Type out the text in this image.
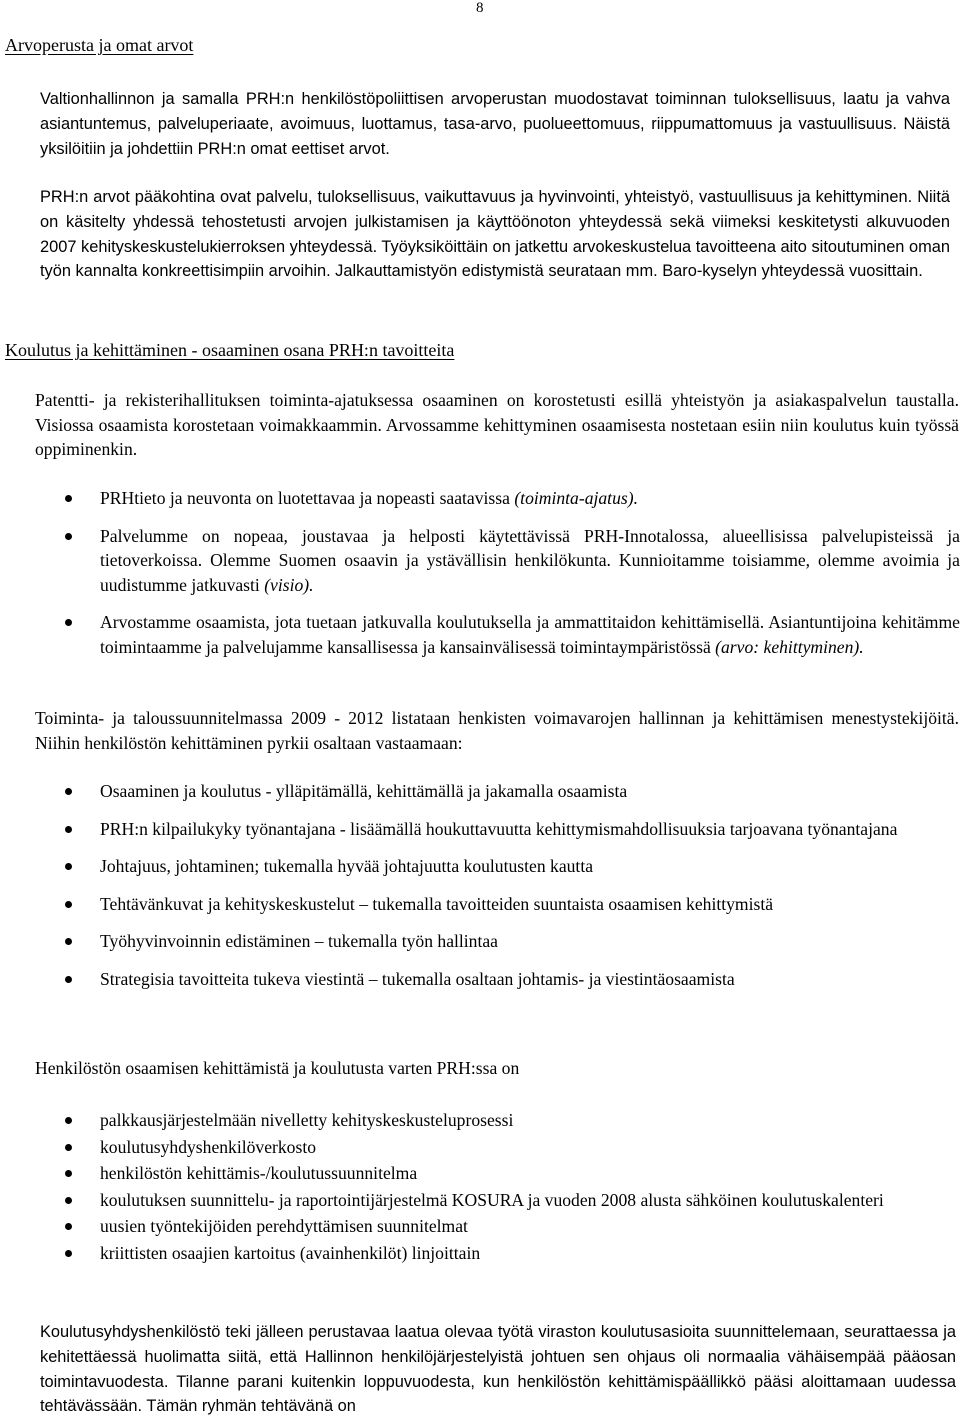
8
Arvoperusta ja omat arvot
Valtionhallinnon ja samalla PRH:n henkilöstöpoliittisen arvoperustan muodostavat toiminnan tuloksellisuus, laatu ja vahva asiantuntemus, palveluperiaate, avoimuus, luottamus, tasa-arvo, puolueettomuus, riippumattomuus ja vastuullisuus. Näistä yksilöitiin ja johdettiin PRH:n omat eettiset arvot.
PRH:n arvot pääkohtina ovat palvelu, tuloksellisuus, vaikuttavuus ja hyvinvointi, yhteistyö, vastuullisuus ja kehittyminen. Niitä on käsitelty yhdessä tehostetusti arvojen julkistamisen ja käyttöönoton yhteydessä sekä viimeksi keskitetysti alkuvuoden 2007 kehityskeskustelukierroksen yhteydessä. Työyksiköittäin on jatkettu arvokeskustelua tavoitteena aito sitoutuminen oman työn kannalta konkreettisimpiin arvoihin. Jalkauttamistyön edistymistä seurataan mm. Baro-kyselyn yhteydessä vuosittain.
Koulutus ja kehittäminen - osaaminen osana PRH:n tavoitteita
Patentti- ja rekisterihallituksen toiminta-ajatuksessa osaaminen on korostetusti esillä yhteistyön ja asiakaspalvelun taustalla. Visiossa osaamista korostetaan voimakkaammin. Arvossamme kehittyminen osaamisesta nostetaan esiin niin koulutus kuin työssä oppiminenkin.
PRHtieto ja neuvonta on luotettavaa ja nopeasti saatavissa (toiminta-ajatus).
Palvelumme on nopeaa, joustavaa ja helposti käytettävissä PRH-Innotalossa, alueellisissa palvelupisteissä ja tietoverkoissa. Olemme Suomen osaavin ja ystävällisin henkilökunta. Kunnioitamme toisiamme, olemme avoimia ja uudistumme jatkuvasti (visio).
Arvostamme osaamista, jota tuetaan jatkuvalla koulutuksella ja ammattitaidon kehittämisellä. Asiantuntijoina kehitämme toimintaamme ja palvelujamme kansallisessa ja kansainvälisessä toimintaympäristössä (arvo: kehittyminen).
Toiminta- ja taloussuunnitelmassa 2009 - 2012 listataan henkisten voimavarojen hallinnan ja kehittämisen menestystekijöitä. Niihin henkilöstön kehittäminen pyrkii osaltaan vastaamaan:
Osaaminen ja koulutus - ylläpitämällä, kehittämällä ja jakamalla osaamista
PRH:n kilpailukyky työnantajana - lisäämällä houkuttavuutta kehittymismahdollisuuksia tarjoavana työnantajana
Johtajuus, johtaminen; tukemalla hyvää johtajuutta koulutusten kautta
Tehtävänkuvat ja kehityskeskustelut – tukemalla tavoitteiden suuntaista osaamisen kehittymistä
Työhyvinvoinnin edistäminen – tukemalla työn hallintaa
Strategisia tavoitteita tukeva viestintä – tukemalla osaltaan johtamis- ja viestintäosaamista
Henkilöstön osaamisen kehittämistä ja koulutusta varten PRH:ssa on
palkkausjärjestelmään nivelletty kehityskeskusteluprosessi
koulutusyhdyshenkilöverkosto
henkilöstön kehittämis-/koulutussuunnitelma
koulutuksen suunnittelu- ja raportointijärjestelmä KOSURA ja vuoden 2008 alusta sähköinen koulutuskalenteri
uusien työntekijöiden perehdyttämisen suunnitelmat
kriittisten osaajien kartoitus (avainhenkilöt) linjoittain
Koulutusyhdyshenkilöstö teki jälleen perustavaa laatua olevaa työtä viraston koulutusasioita suunnittelemaan, seurattaessa ja kehitettäessä huolimatta siitä, että Hallinnon henkilöjärjestelyistä johtuen sen ohjaus oli normaalia vähäisempää pääosan toimintavuodesta. Tilanne parani kuitenkin loppuvuodesta, kun henkilöstön kehittämispäällikkö pääsi aloittamaan uudessa tehtävässään. Tämän ryhmän tehtävänä on
